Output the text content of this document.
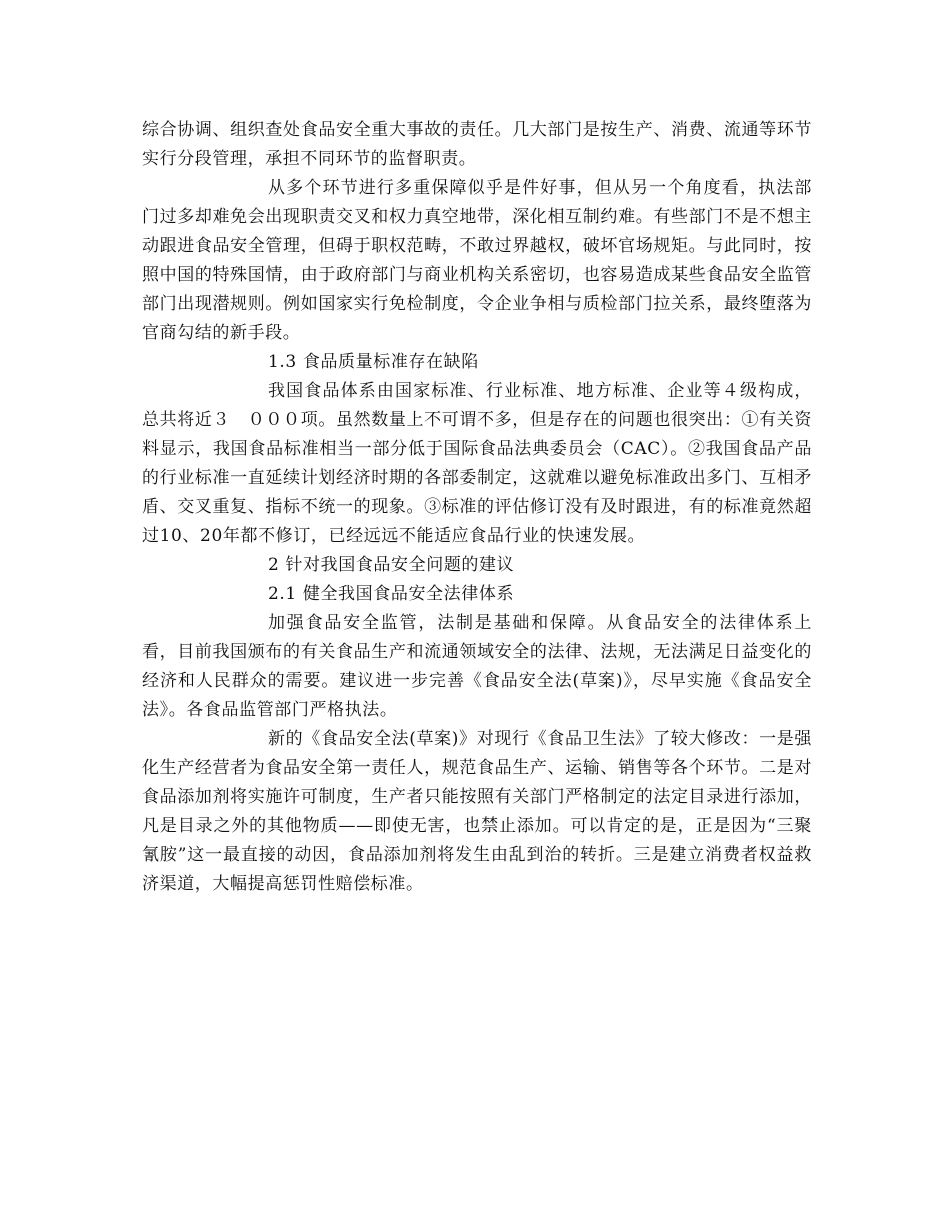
综合协调、组织查处食品安全重大事故的责任。几大部门是按生产、消费、流通等环节实行分段管理，承担不同环节的监督职责。

从多个环节进行多重保障似乎是件好事，但从另一个角度看，执法部门过多却难免会出现职责交叉和权力真空地带，深化相互制约难。有些部门不是不想主动跟进食品安全管理，但碍于职权范畴，不敢过界越权，破坏官场规矩。与此同时，按照中国的特殊国情，由于政府部门与商业机构关系密切，也容易造成某些食品安全监管部门出现潜规则。例如国家实行免检制度，令企业争相与质检部门拉关系，最终堕落为官商勾结的新手段。

1.3 食品质量标准存在缺陷

我国食品体系由国家标准、行业标准、地方标准、企业等４级构成，总共将近３　０００项。虽然数量上不可谓不多，但是存在的问题也很突出：①有关资料显示，我国食品标准相当一部分低于国际食品法典委员会（CAC）。②我国食品产品的行业标准一直延续计划经济时期的各部委制定，这就难以避免标准政出多门、互相矛盾、交叉重复、指标不统一的现象。③标准的评估修订没有及时跟进，有的标准竟然超过10、20年都不修订，已经远远不能适应食品行业的快速发展。

2 针对我国食品安全问题的建议

2.1 健全我国食品安全法律体系

加强食品安全监管，法制是基础和保障。从食品安全的法律体系上看，目前我国颁布的有关食品生产和流通领域安全的法律、法规，无法满足日益变化的经济和人民群众的需要。建议进一步完善《食品安全法(草案)》，尽早实施《食品安全法》。各食品监管部门严格执法。

新的《食品安全法(草案)》对现行《食品卫生法》了较大修改：一是强化生产经营者为食品安全第一责任人，规范食品生产、运输、销售等各个环节。二是对食品添加剂将实施许可制度，生产者只能按照有关部门严格制定的法定目录进行添加，凡是目录之外的其他物质——即使无害，也禁止添加。可以肯定的是，正是因为“三聚氰胺”这一最直接的动因，食品添加剂将发生由乱到治的转折。三是建立消费者权益救济渠道，大幅提高惩罚性赔偿标准。
